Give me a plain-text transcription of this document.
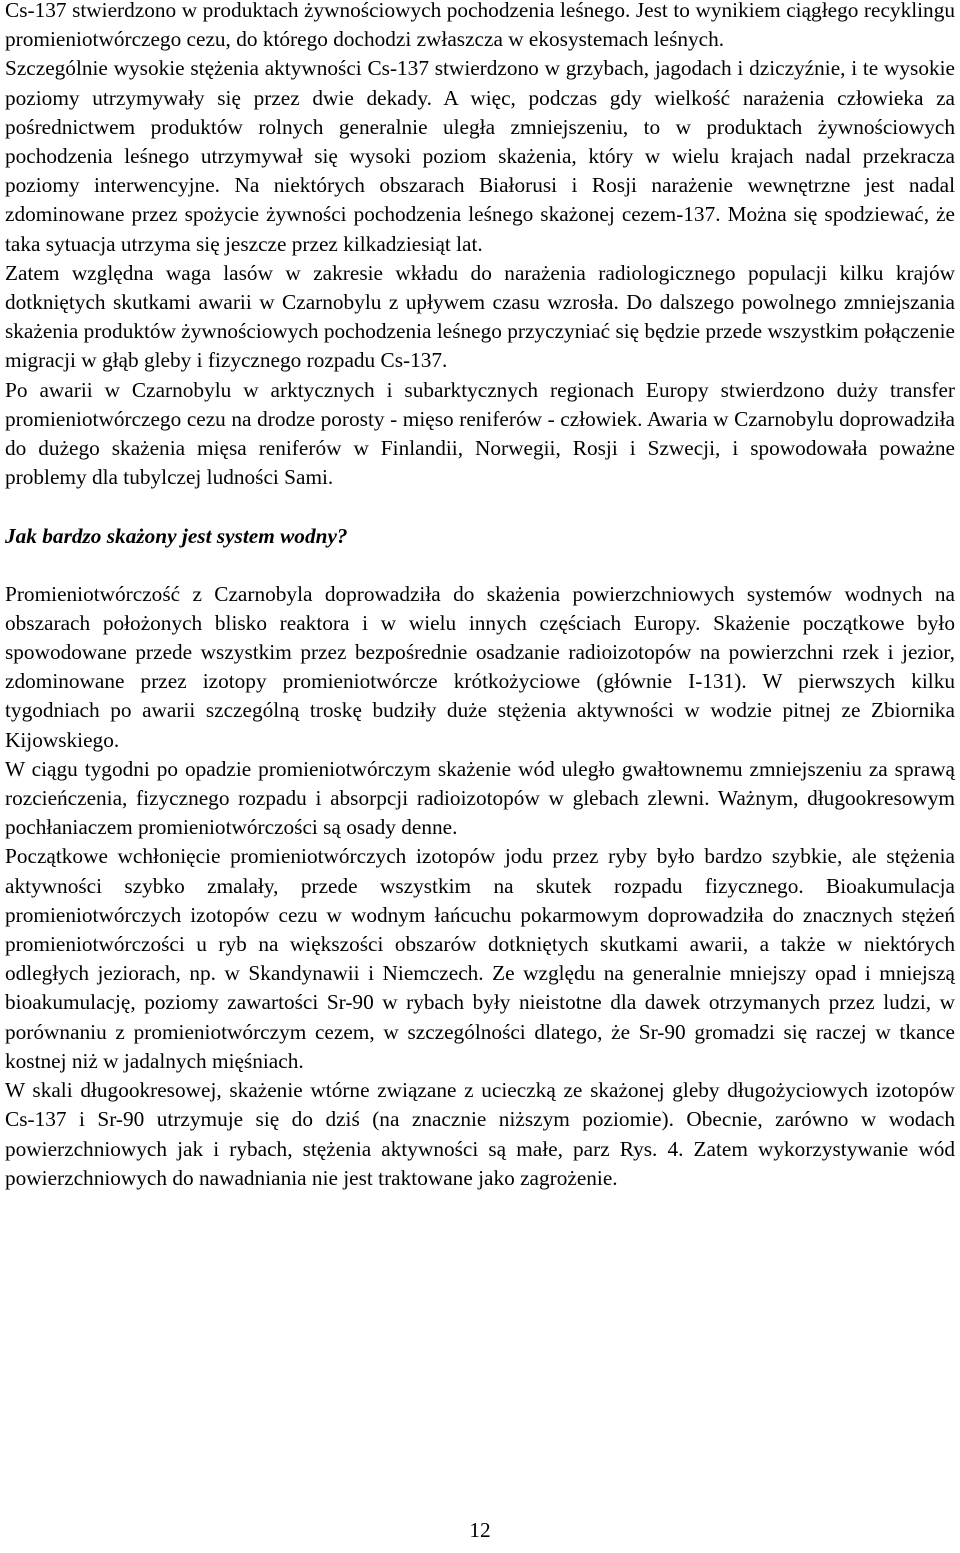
Cs-137 stwierdzono w produktach żywnościowych pochodzenia leśnego. Jest to wynikiem ciągłego recyklingu promieniotwórczego cezu, do którego dochodzi zwłaszcza w ekosystemach leśnych.

Szczególnie wysokie stężenia aktywności Cs-137 stwierdzono w grzybach, jagodach i dziczyźnie, i te wysokie poziomy utrzymywały się przez dwie dekady. A więc, podczas gdy wielkość narażenia człowieka za pośrednictwem produktów rolnych generalnie uległa zmniejszeniu, to w produktach żywnościowych pochodzenia leśnego utrzymywał się wysoki poziom skażenia, który w wielu krajach nadal przekracza poziomy interwencyjne. Na niektórych obszarach Białorusi i Rosji narażenie wewnętrzne jest nadal zdominowane przez spożycie żywności pochodzenia leśnego skażonej cezem-137. Można się spodziewać, że taka sytuacja utrzyma się jeszcze przez kilkadziesiąt lat.

Zatem względna waga lasów w zakresie wkładu do narażenia radiologicznego populacji kilku krajów dotkniętych skutkami awarii w Czarnobylu z upływem czasu wzrosła. Do dalszego powolnego zmniejszania skażenia produktów żywnościowych pochodzenia leśnego przyczyniać się będzie przede wszystkim połączenie migracji w głąb gleby i fizycznego rozpadu Cs-137.

Po awarii w Czarnobylu w arktycznych i subarktycznych regionach Europy stwierdzono duży transfer promieniotwórczego cezu na drodze porosty - mięso reniferów - człowiek. Awaria w Czarnobylu doprowadziła do dużego skażenia mięsa reniferów w Finlandii, Norwegii, Rosji i Szwecji, i spowodowała poważne problemy dla tubylczej ludności Sami.

Jak bardzo skażony jest system wodny?

Promieniotwórczość z Czarnobyla doprowadziła do skażenia powierzchniowych systemów wodnych na obszarach położonych blisko reaktora i w wielu innych częściach Europy. Skażenie początkowe było spowodowane przede wszystkim przez bezpośrednie osadzanie radioizotopów na powierzchni rzek i jezior, zdominowane przez izotopy promieniotwórcze krótkożyciowe (głównie I-131). W pierwszych kilku tygodniach po awarii szczególną troskę budziły duże stężenia aktywności w wodzie pitnej ze Zbiornika Kijowskiego.

W ciągu tygodni po opadzie promieniotwórczym skażenie wód uległo gwałtownemu zmniejszeniu za sprawą rozcieńczenia, fizycznego rozpadu i absorpcji radioizotopów w glebach zlewni. Ważnym, długookresowym pochłaniaczem promieniotwórczości są osady denne.

Początkowe wchłonięcie promieniotwórczych izotopów jodu przez ryby było bardzo szybkie, ale stężenia aktywności szybko zmalały, przede wszystkim na skutek rozpadu fizycznego. Bioakumulacja promieniotwórczych izotopów cezu w wodnym łańcuchu pokarmowym doprowadziła do znacznych stężeń promieniotwórczości u ryb na większości obszarów dotkniętych skutkami awarii, a także w niektórych odległych jeziorach, np. w Skandynawii i Niemczech. Ze względu na generalnie mniejszy opad i mniejszą bioakumulację, poziomy zawartości Sr-90 w rybach były nieistotne dla dawek otrzymanych przez ludzi, w porównaniu z promieniotwórczym cezem, w szczególności dlatego, że Sr-90 gromadzi się raczej w tkance kostnej niż w jadalnych mięśniach.

W skali długookresowej, skażenie wtórne związane z ucieczką ze skażonej gleby długożyciowych izotopów Cs-137 i Sr-90 utrzymuje się do dziś (na znacznie niższym poziomie). Obecnie, zarówno w wodach powierzchniowych jak i rybach, stężenia aktywności są małe, parz Rys. 4. Zatem wykorzystywanie wód powierzchniowych do nawadniania nie jest traktowane jako zagrożenie.

12
